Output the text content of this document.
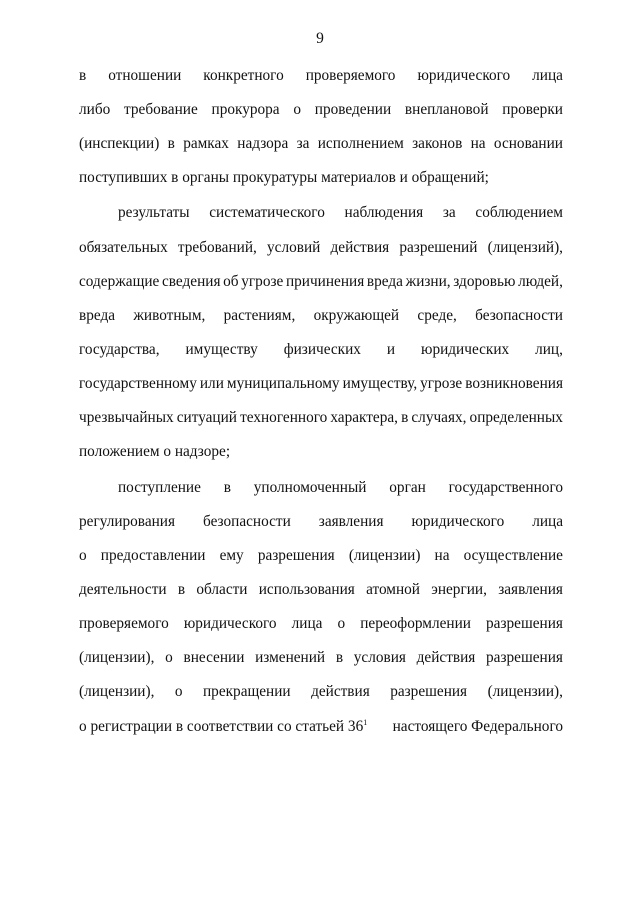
9
в отношении конкретного проверяемого юридического лица
либо требование прокурора о проведении внеплановой проверки
(инспекции) в рамках надзора за исполнением законов на основании
поступивших в органы прокуратуры материалов и обращений;
результаты систематического наблюдения за соблюдением
обязательных требований, условий действия разрешений (лицензий),
содержащие сведения об угрозе причинения вреда жизни, здоровью людей,
вреда животным, растениям, окружающей среде, безопасности
государства, имуществу физических и юридических лиц,
государственному или муниципальному имуществу, угрозе возникновения
чрезвычайных ситуаций техногенного характера, в случаях, определенных
положением о надзоре;
поступление в уполномоченный орган государственного
регулирования безопасности заявления юридического лица
о предоставлении ему разрешения (лицензии) на осуществление
деятельности в области использования атомной энергии, заявления
проверяемого юридического лица о переоформлении разрешения
(лицензии), о внесении изменений в условия действия разрешения
(лицензии), о прекращении действия разрешения (лицензии),
о регистрации в соответствии со статьей $36^1$ настоящего Федерального
